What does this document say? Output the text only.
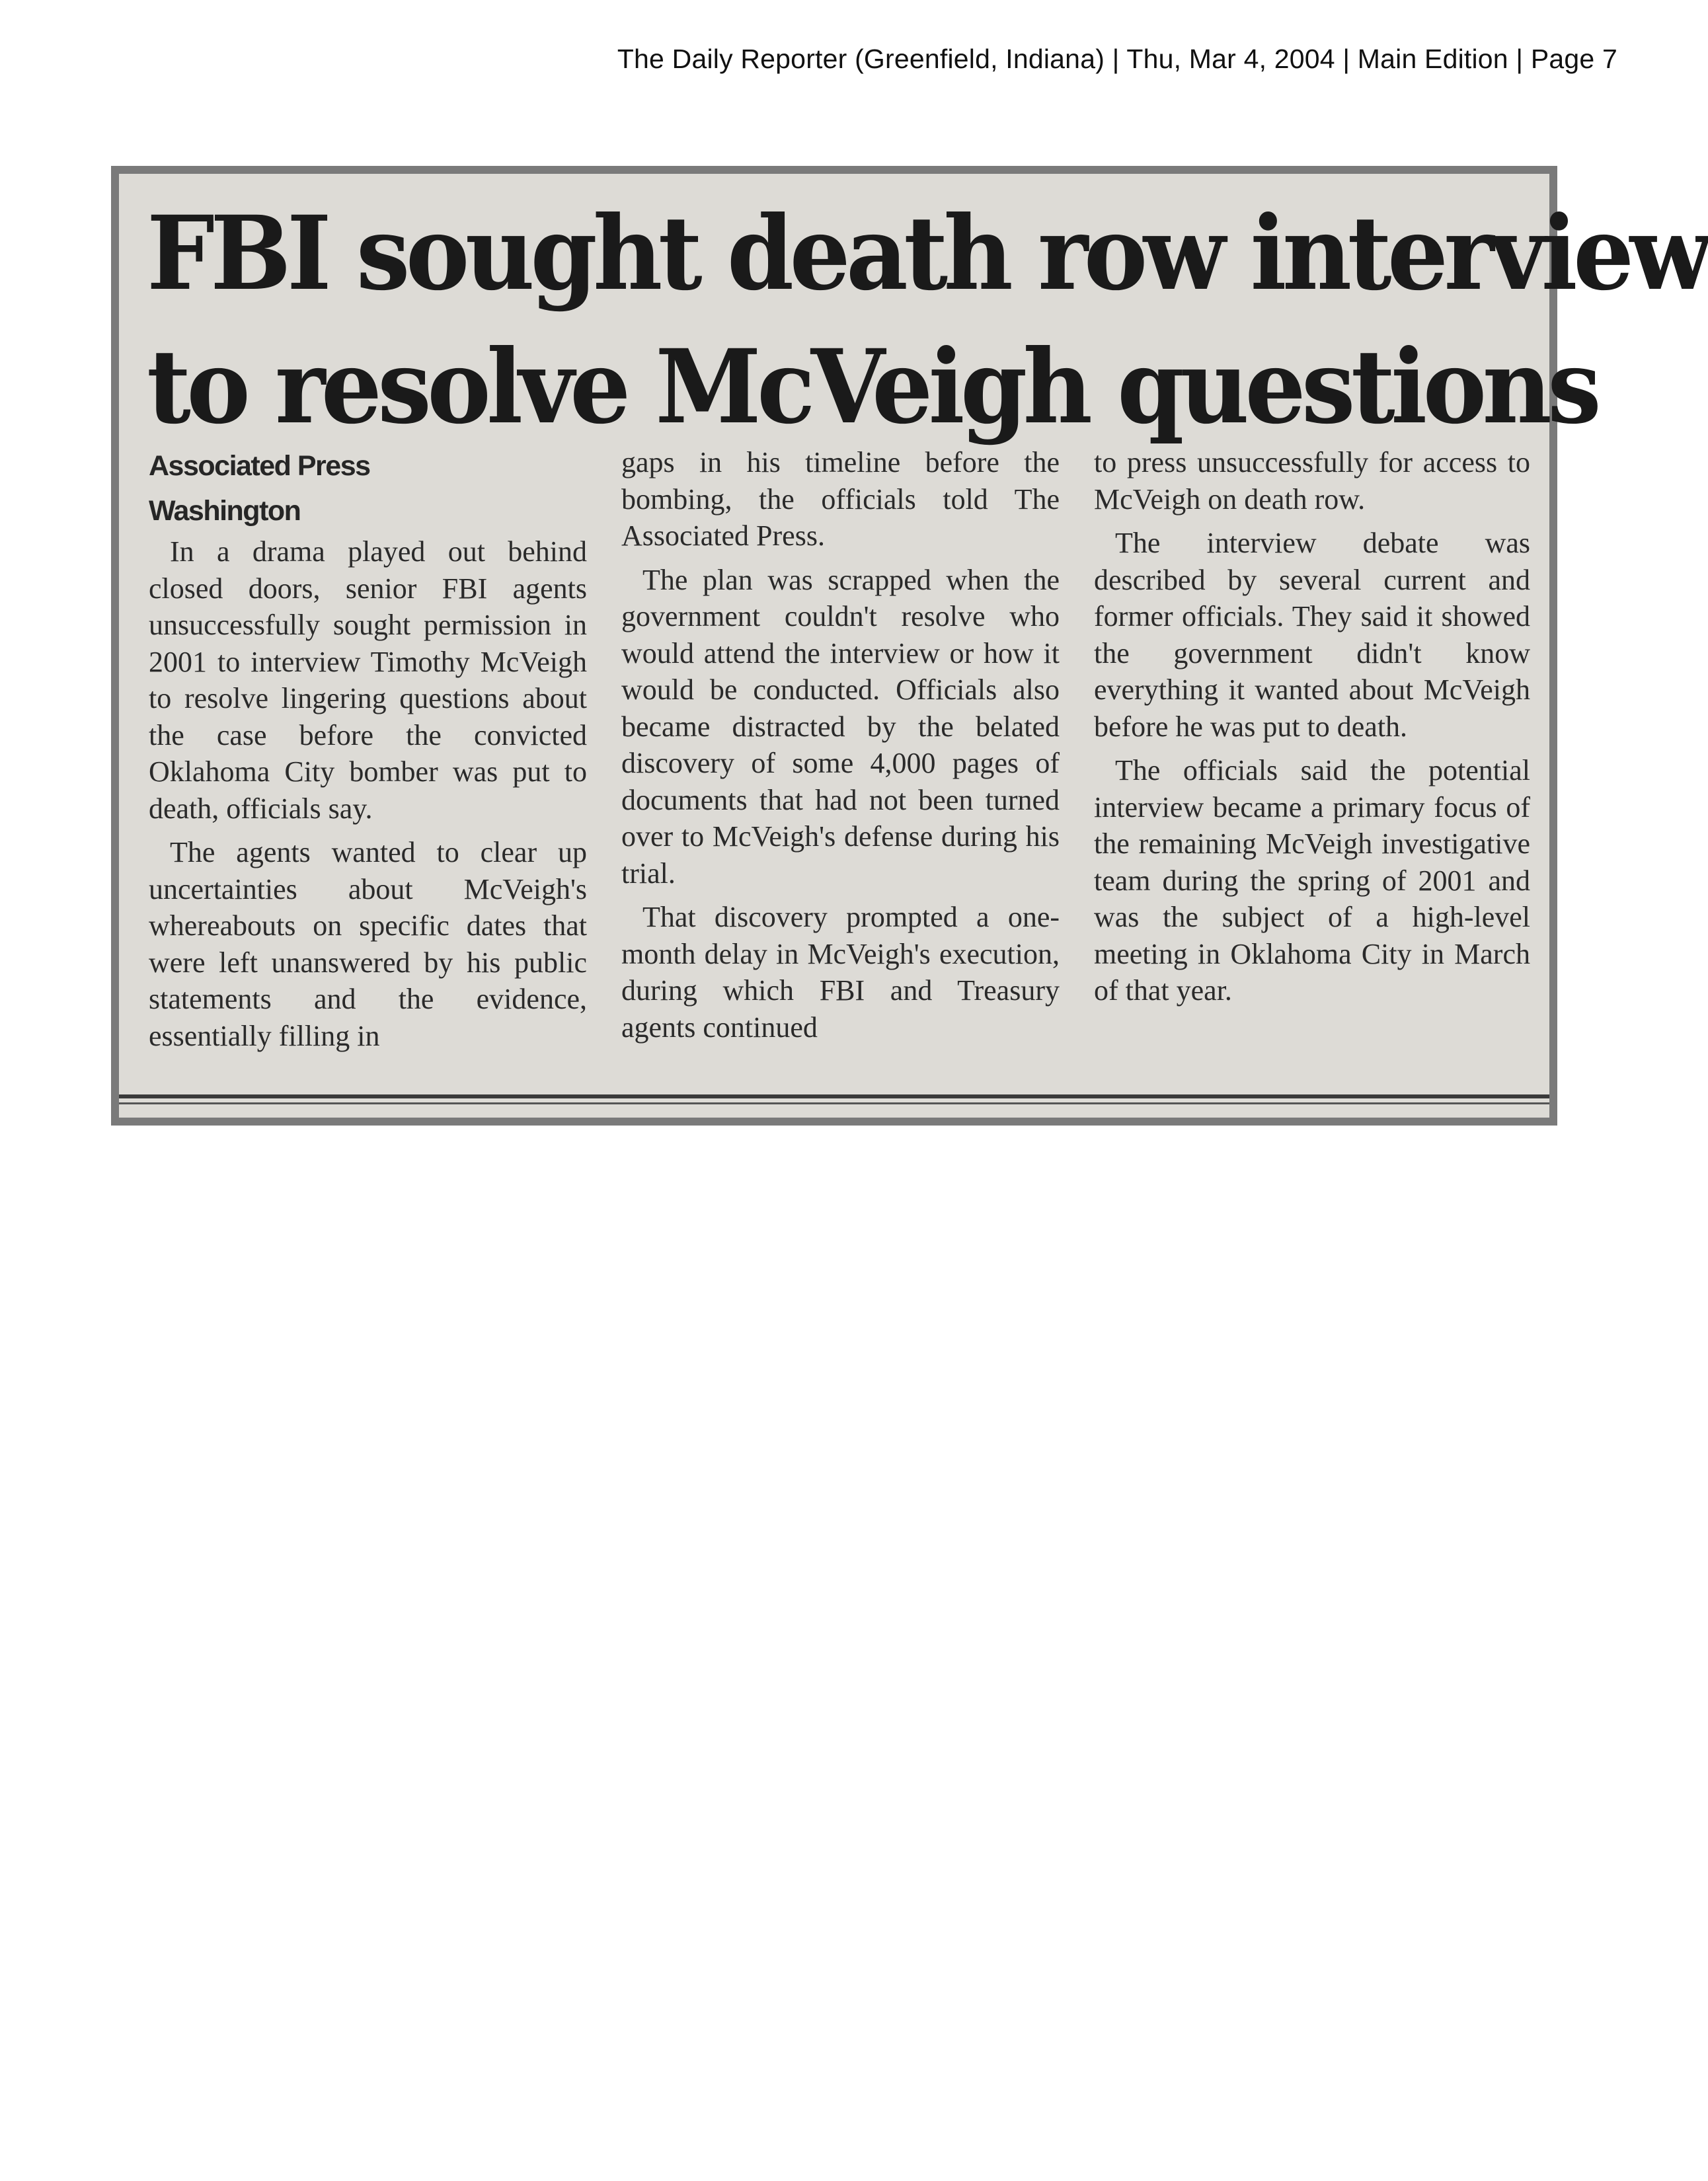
The Daily Reporter (Greenfield, Indiana) | Thu, Mar 4, 2004 | Main Edition | Page 7
FBI sought death row interview
to resolve McVeigh questions
Associated Press
Washington

In a drama played out behind closed doors, senior FBI agents unsuccessfully sought permission in 2001 to interview Timothy McVeigh to resolve lingering questions about the case before the convicted Oklahoma City bomber was put to death, officials say.

The agents wanted to clear up uncertainties about McVeigh's whereabouts on specific dates that were left unanswered by his public statements and the evidence, essentially filling in

gaps in his timeline before the bombing, the officials told The Associated Press.

The plan was scrapped when the government couldn't resolve who would attend the interview or how it would be conducted. Officials also became distracted by the belated discovery of some 4,000 pages of documents that had not been turned over to McVeigh's defense during his trial.

That discovery prompted a one-month delay in McVeigh's execution, during which FBI and Treasury agents continued

to press unsuccessfully for access to McVeigh on death row.

The interview debate was described by several current and former officials. They said it showed the government didn't know everything it wanted about McVeigh before he was put to death.

The officials said the potential interview became a primary focus of the remaining McVeigh investigative team during the spring of 2001 and was the subject of a high-level meeting in Oklahoma City in March of that year.
